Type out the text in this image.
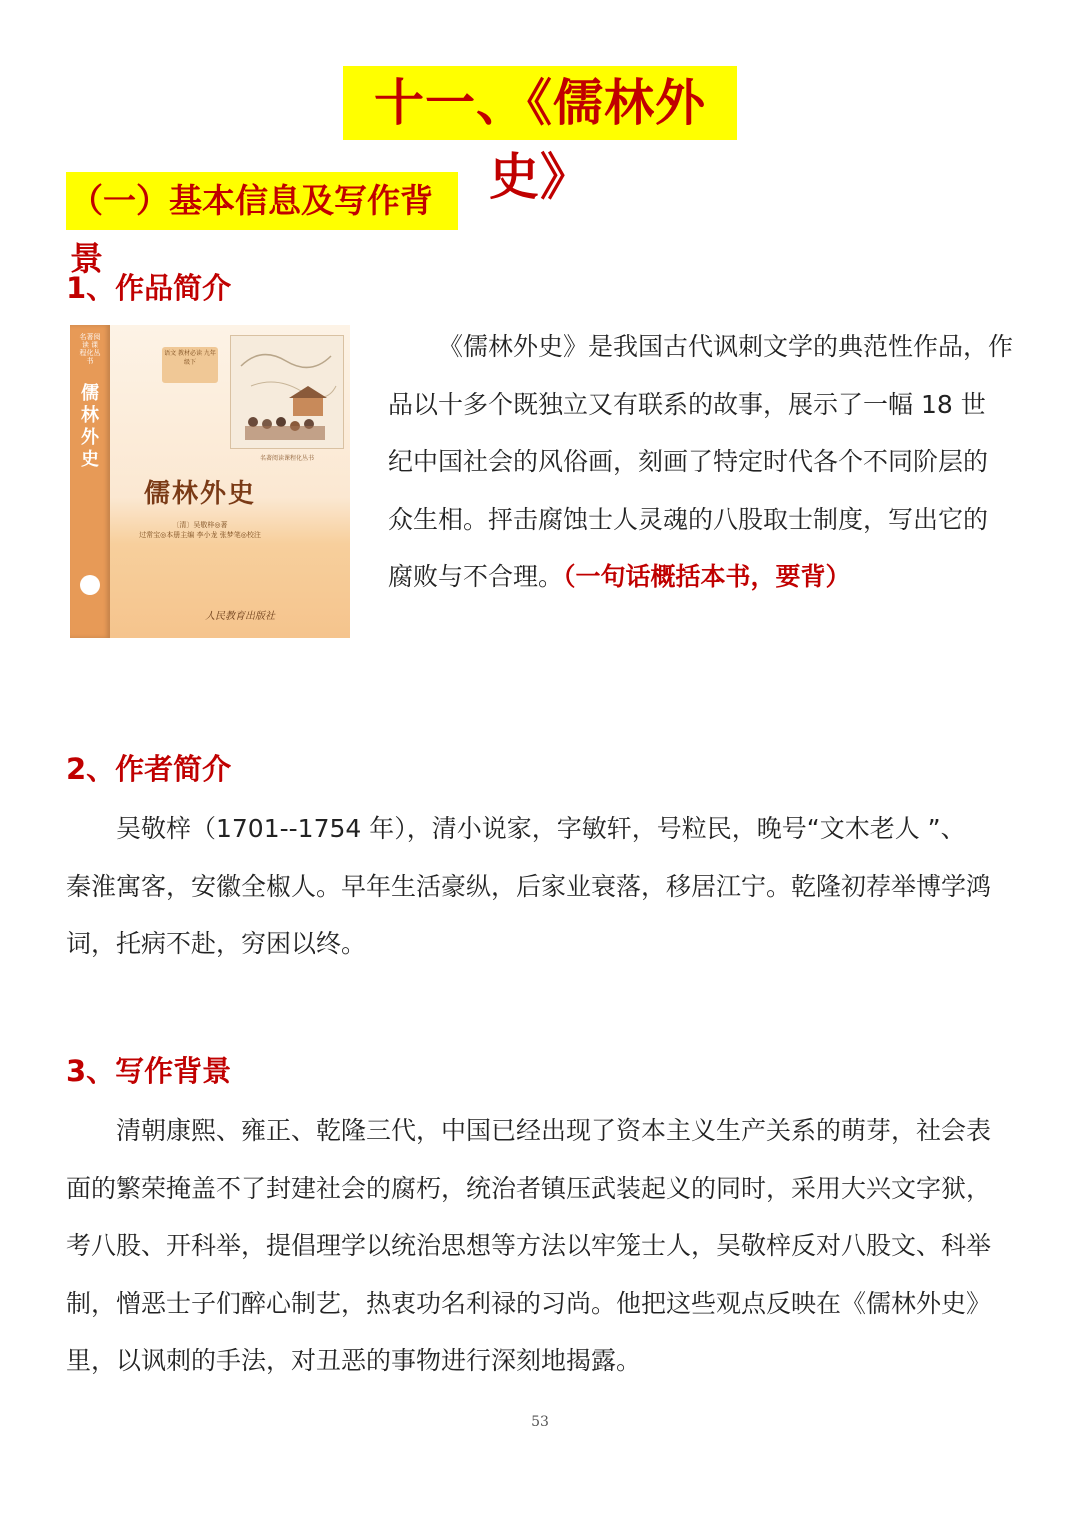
十一、《儒林外史》
（一）基本信息及写作背景
1、作品简介
名著阅读 课程化丛书
儒林外史
语文 教材必读 九年级下
名著阅读课程化丛书
儒林外史
〔清〕吴敬梓◎著
过常宝◎本册主编 李小龙 张梦笔◎校注
人民教育出版社
《儒林外史》是我国古代讽刺文学的典范性作品，作
品以十多个既独立又有联系的故事，展示了一幅 18 世
纪中国社会的风俗画，刻画了特定时代各个不同阶层的
众生相。抨击腐蚀士人灵魂的八股取士制度，写出它的
腐败与不合理。（一句话概括本书，要背）
2、作者简介
吴敬梓（1701--1754 年），清小说家，字敏轩，号粒民，晚号“文木老人 ”、
秦淮寓客，安徽全椒人。早年生活豪纵，后家业衰落，移居江宁。乾隆初荐举博学鸿
词，托病不赴，穷困以终。
3、写作背景
清朝康熙、雍正、乾隆三代，中国已经出现了资本主义生产关系的萌芽，社会表
面的繁荣掩盖不了封建社会的腐朽，统治者镇压武装起义的同时，采用大兴文字狱，
考八股、开科举，提倡理学以统治思想等方法以牢笼士人，吴敬梓反对八股文、科举
制，憎恶士子们醉心制艺，热衷功名利禄的习尚。他把这些观点反映在《儒林外史》
里，以讽刺的手法，对丑恶的事物进行深刻地揭露。
53
